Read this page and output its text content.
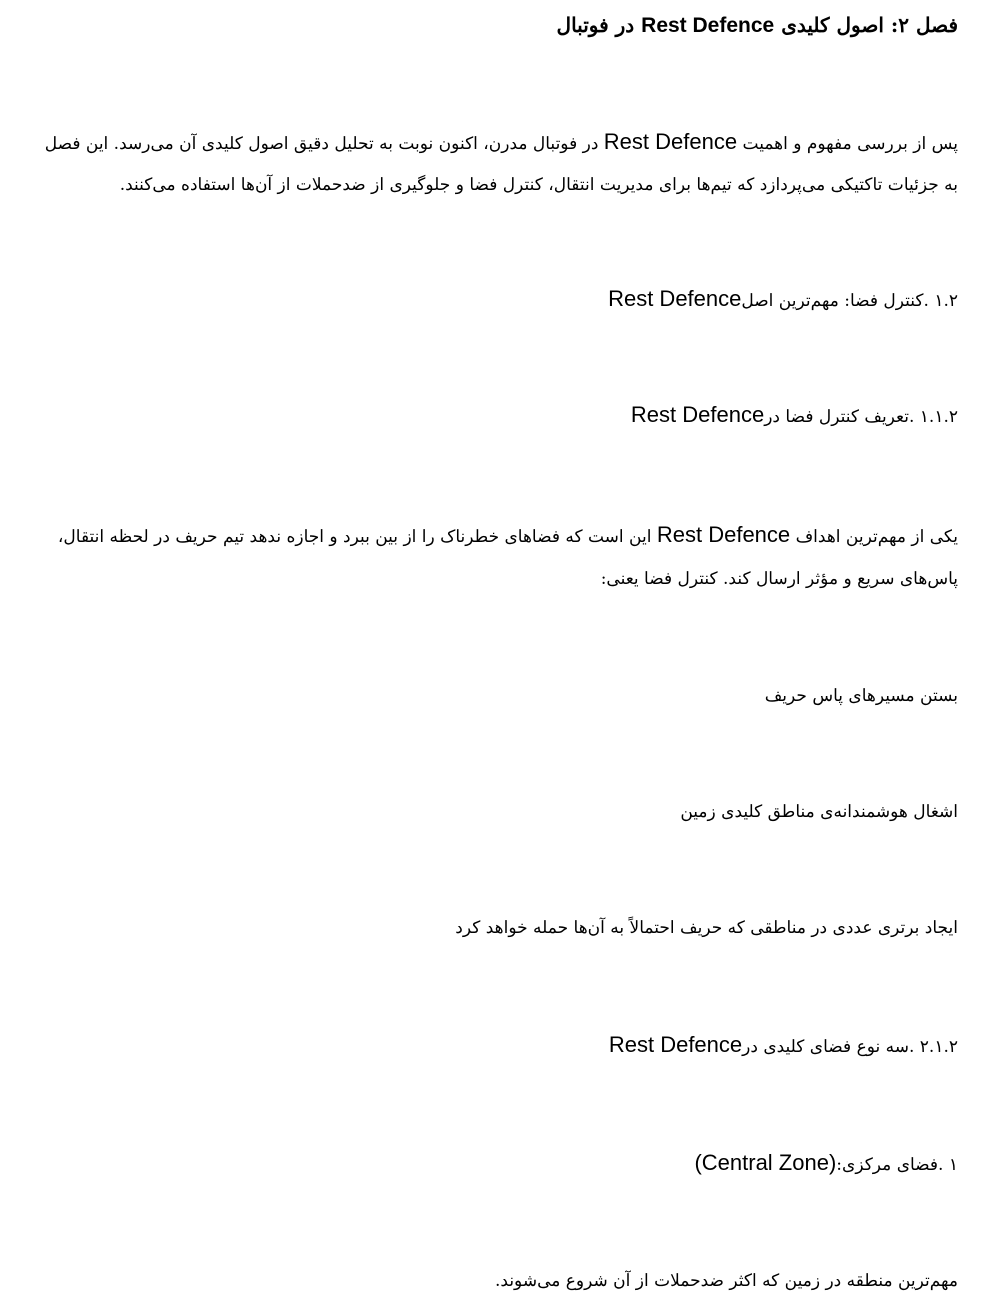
فصل ۲: اصول کلیدی Rest Defence در فوتبال
پس از بررسی مفهوم و اهمیت Rest Defence در فوتبال مدرن، اکنون نوبت به تحلیل دقیق اصول کلیدی آن می‌رسد. این فصل
به جزئیات تاکتیکی می‌پردازد که تیم‌ها برای مدیریت انتقال، کنترل فضا و جلوگیری از ضدحملات از آن‌ها استفاده می‌کنند.
۱.۲ .کنترل فضا: مهم‌ترین اصلRest Defence
۱.۱.۲ .تعریف کنترل فضا درRest Defence
یکی از مهم‌ترین اهداف Rest Defence این است که فضاهای خطرناک را از بین ببرد و اجازه ندهد تیم حریف در لحظه انتقال،
پاس‌های سریع و مؤثر ارسال کند. کنترل فضا یعنی:
بستن مسیرهای پاس حریف
اشغال هوشمندانه‌ی مناطق کلیدی زمین
ایجاد برتری عددی در مناطقی که حریف احتمالاً به آن‌ها حمله خواهد کرد
۲.۱.۲ .سه نوع فضای کلیدی درRest Defence
۱ .فضای مرکزی:(Central Zone)
مهم‌ترین منطقه در زمین که اکثر ضدحملات از آن شروع می‌شوند.
